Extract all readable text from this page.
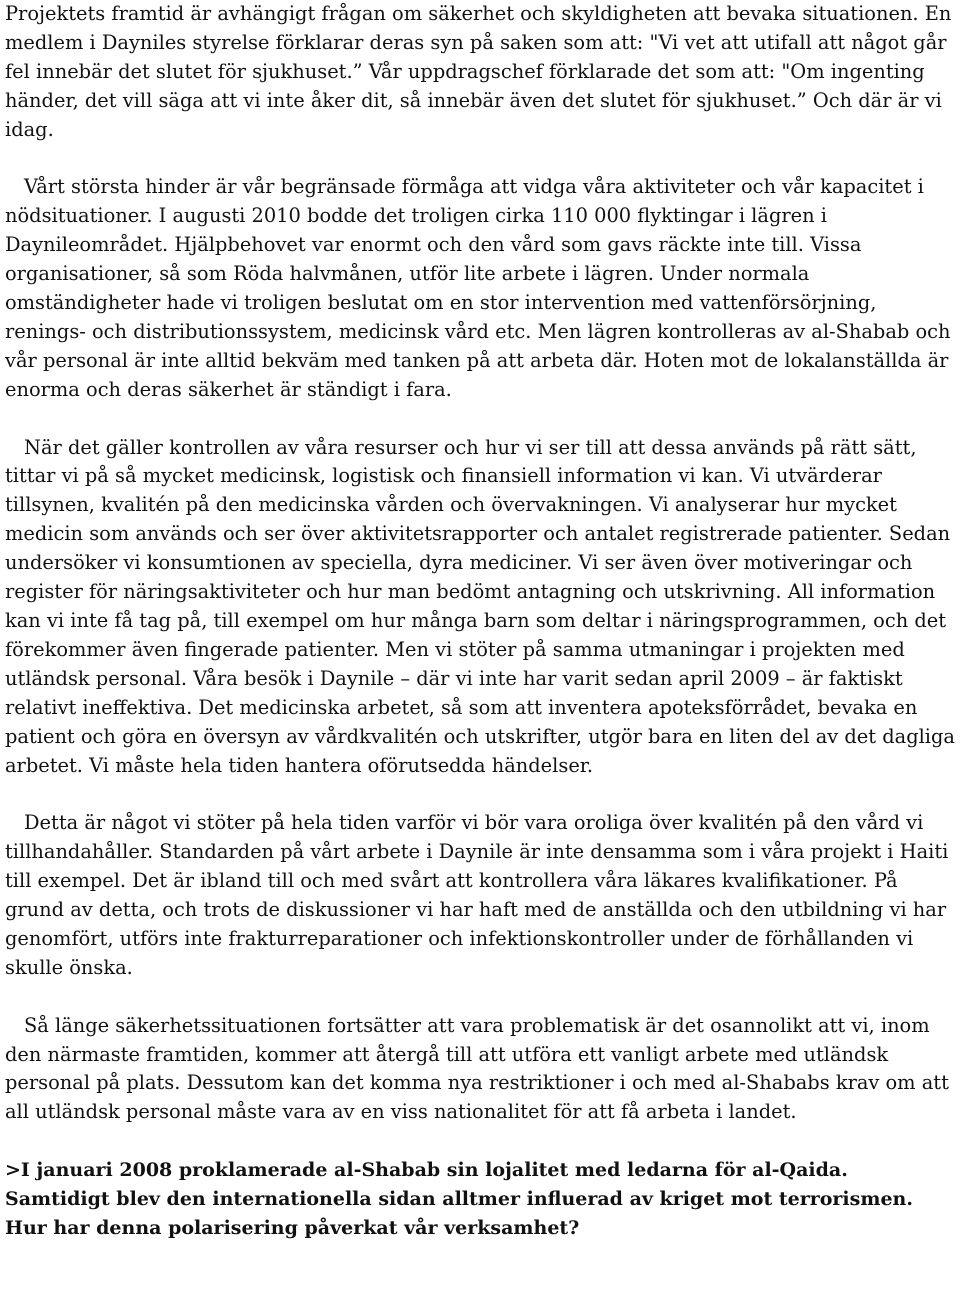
Projektets framtid är avhängigt frågan om säkerhet och skyldigheten att bevaka situationen. En medlem i Dayniles styrelse förklarar deras syn på saken som att: "Vi vet att utifall att något går fel innebär det slutet för sjukhuset.” Vår uppdragschef förklarade det som att: "Om ingenting händer, det vill säga att vi inte åker dit, så innebär även det slutet för sjukhuset.” Och där är vi idag.

Vårt största hinder är vår begränsade förmåga att vidga våra aktiviteter och vår kapacitet i nödsituationer. I augusti 2010 bodde det troligen cirka 110 000 flyktingar i lägren i Daynileområdet. Hjälpbehovet var enormt och den vård som gavs räckte inte till. Vissa organisationer, så som Röda halvmånen, utför lite arbete i lägren. Under normala omständigheter hade vi troligen beslutat om en stor intervention med vattenförsörjning, renings- och distributionssystem, medicinsk vård etc. Men lägren kontrolleras av al-Shabab och vår personal är inte alltid bekväm med tanken på att arbeta där. Hoten mot de lokalanställda är enorma och deras säkerhet är ständigt i fara.

När det gäller kontrollen av våra resurser och hur vi ser till att dessa används på rätt sätt, tittar vi på så mycket medicinsk, logistisk och finansiell information vi kan. Vi utvärderar tillsynen, kvalitén på den medicinska vården och övervakningen. Vi analyserar hur mycket medicin som används och ser över aktivitetsrapporter och antalet registrerade patienter. Sedan undersöker vi konsumtionen av speciella, dyra mediciner. Vi ser även över motiveringar och register för näringsaktiviteter och hur man bedömt antagning och utskrivning. All information kan vi inte få tag på, till exempel om hur många barn som deltar i näringsprogrammen, och det förekommer även fingerade patienter. Men vi stöter på samma utmaningar i projekten med utländsk personal. Våra besök i Daynile – där vi inte har varit sedan april 2009 – är faktiskt relativt ineffektiva. Det medicinska arbetet, så som att inventera apoteksförrådet, bevaka en patient och göra en översyn av vårdkvalitén och utskrifter, utgör bara en liten del av det dagliga arbetet. Vi måste hela tiden hantera oförutsedda händelser.

Detta är något vi stöter på hela tiden varför vi bör vara oroliga över kvalitén på den vård vi tillhandahåller. Standarden på vårt arbete i Daynile är inte densamma som i våra projekt i Haiti till exempel. Det är ibland till och med svårt att kontrollera våra läkares kvalifikationer. På grund av detta, och trots de diskussioner vi har haft med de anställda och den utbildning vi har genomfört, utförs inte frakturreparationer och infektionskontroller under de förhållanden vi skulle önska.

Så länge säkerhetssituationen fortsätter att vara problematisk är det osannolikt att vi, inom den närmaste framtiden, kommer att återgå till att utföra ett vanligt arbete med utländsk personal på plats. Dessutom kan det komma nya restriktioner i och med al-Shababs krav om att all utländsk personal måste vara av en viss nationalitet för att få arbeta i landet.

>I januari 2008 proklamerade al-Shabab sin lojalitet med ledarna för al-Qaida. Samtidigt blev den internationella sidan alltmer influerad av kriget mot terrorismen. Hur har denna polarisering påverkat vår verksamhet?
